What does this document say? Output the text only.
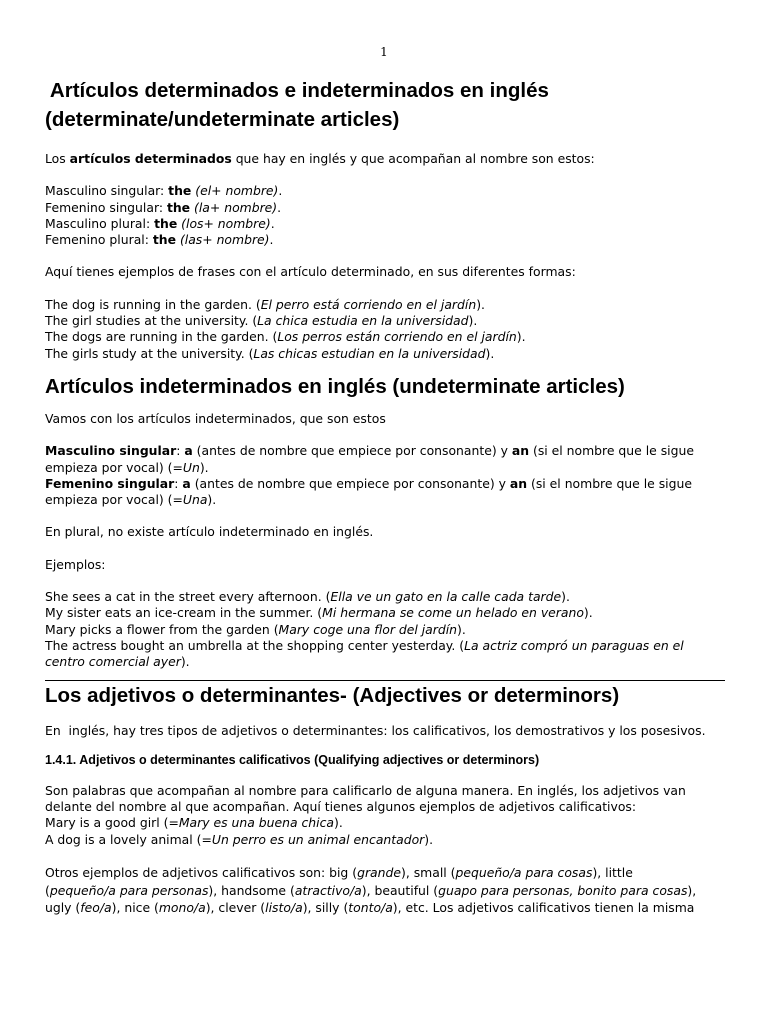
1
Artículos determinados e indeterminados en inglés
(determinate/undeterminate articles)

Los artículos determinados que hay en inglés y que acompañan al nombre son estos:

Masculino singular: the (el+ nombre).

Femenino singular: the (la+ nombre).

Masculino plural: the (los+ nombre).

Femenino plural: the (las+ nombre).

Aquí tienes ejemplos de frases con el artículo determinado, en sus diferentes formas:

The dog is running in the garden. (El perro está corriendo en el jardín).

The girl studies at the university. (La chica estudia en la universidad).

The dogs are running in the garden. (Los perros están corriendo en el jardín).

The girls study at the university. (Las chicas estudian en la universidad).

Artículos indeterminados en inglés (undeterminate articles)

Vamos con los artículos indeterminados, que son estos

Masculino singular: a (antes de nombre que empiece por consonante) y an (si el nombre que le sigue

empieza por vocal) (=Un).

Femenino singular: a (antes de nombre que empiece por consonante) y an (si el nombre que le sigue

empieza por vocal) (=Una).

En plural, no existe artículo indeterminado en inglés.

Ejemplos:

She sees a cat in the street every afternoon. (Ella ve un gato en la calle cada tarde).

My sister eats an ice-cream in the summer. (Mi hermana se come un helado en verano).

Mary picks a flower from the garden (Mary coge una flor del jardín).

The actress bought an umbrella at the shopping center yesterday. (La actriz compró un paraguas en el

centro comercial ayer).

Los adjetivos o determinantes- (Adjectives or determinors)

En  inglés, hay tres tipos de adjetivos o determinantes: los calificativos, los demostrativos y los posesivos.

1.4.1. Adjetivos o determinantes calificativos (Qualifying adjectives or determinors)

Son palabras que acompañan al nombre para calificarlo de alguna manera. En inglés, los adjetivos van

delante del nombre al que acompañan. Aquí tienes algunos ejemplos de adjetivos calificativos:

Mary is a good girl (=Mary es una buena chica).

A dog is a lovely animal (=Un perro es un animal encantador).

Otros ejemplos de adjetivos calificativos son: big (grande), small (pequeño/a para cosas), little

(pequeño/a para personas), handsome (atractivo/a), beautiful (guapo para personas, bonito para cosas),

ugly (feo/a), nice (mono/a), clever (listo/a), silly (tonto/a), etc. Los adjetivos calificativos tienen la misma
